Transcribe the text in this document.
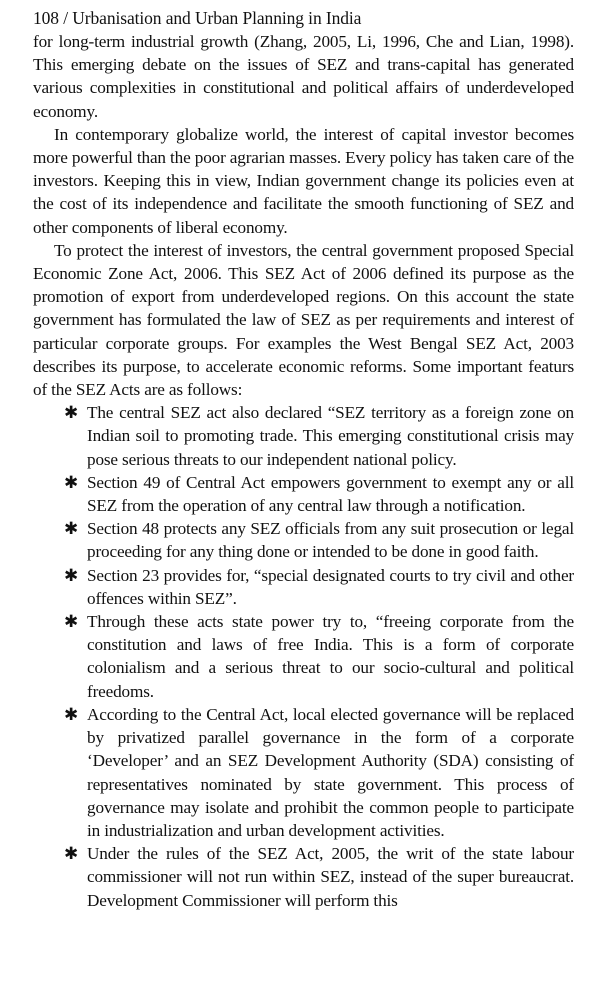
108 / Urbanisation and Urban Planning in India

for long-term industrial growth (Zhang, 2005, Li, 1996, Che and Lian, 1998). This emerging debate on the issues of SEZ and trans-capital has generated various complexities in constitutional and political affairs of underdeveloped economy.

In contemporary globalize world, the interest of capital investor becomes more powerful than the poor agrarian masses. Every policy has taken care of the investors. Keeping this in view, Indian government change its policies even at the cost of its independence and facilitate the smooth functioning of SEZ and other components of liberal economy.

To protect the interest of investors, the central government proposed Special Economic Zone Act, 2006. This SEZ Act of 2006 defined its purpose as the promotion of export from underdeveloped regions. On this account the state government has formulated the law of SEZ as per requirements and interest of particular corporate groups. For examples the West Bengal SEZ Act, 2003 describes its purpose, to accelerate economic reforms. Some important featurs of the SEZ Acts are as follows:

✱ The central SEZ act also declared “SEZ territory as a foreign zone on Indian soil to promoting trade. This emerging constitutional crisis may pose serious threats to our independent national policy.
✱ Section 49 of Central Act empowers government to exempt any or all SEZ from the operation of any central law through a notification.
✱ Section 48 protects any SEZ officials from any suit prosecution or legal proceeding for any thing done or intended to be done in good faith.
✱ Section 23 provides for, “special designated courts to try civil and other offences within SEZ”.
✱ Through these acts state power try to, “freeing corporate from the constitution and laws of free India. This is a form of corporate colonialism and a serious threat to our socio-cultural and political freedoms.
✱ According to the Central Act, local elected governance will be replaced by privatized parallel governance in the form of a corporate ‘Developer’ and an SEZ Development Authority (SDA) consisting of representatives nominated by state government. This process of governance may isolate and prohibit the common people to participate in industrialization and urban development activities.
✱ Under the rules of the SEZ Act, 2005, the writ of the state labour commissioner will not run within SEZ, instead of the super bureaucrat. Development Commissioner will perform this
